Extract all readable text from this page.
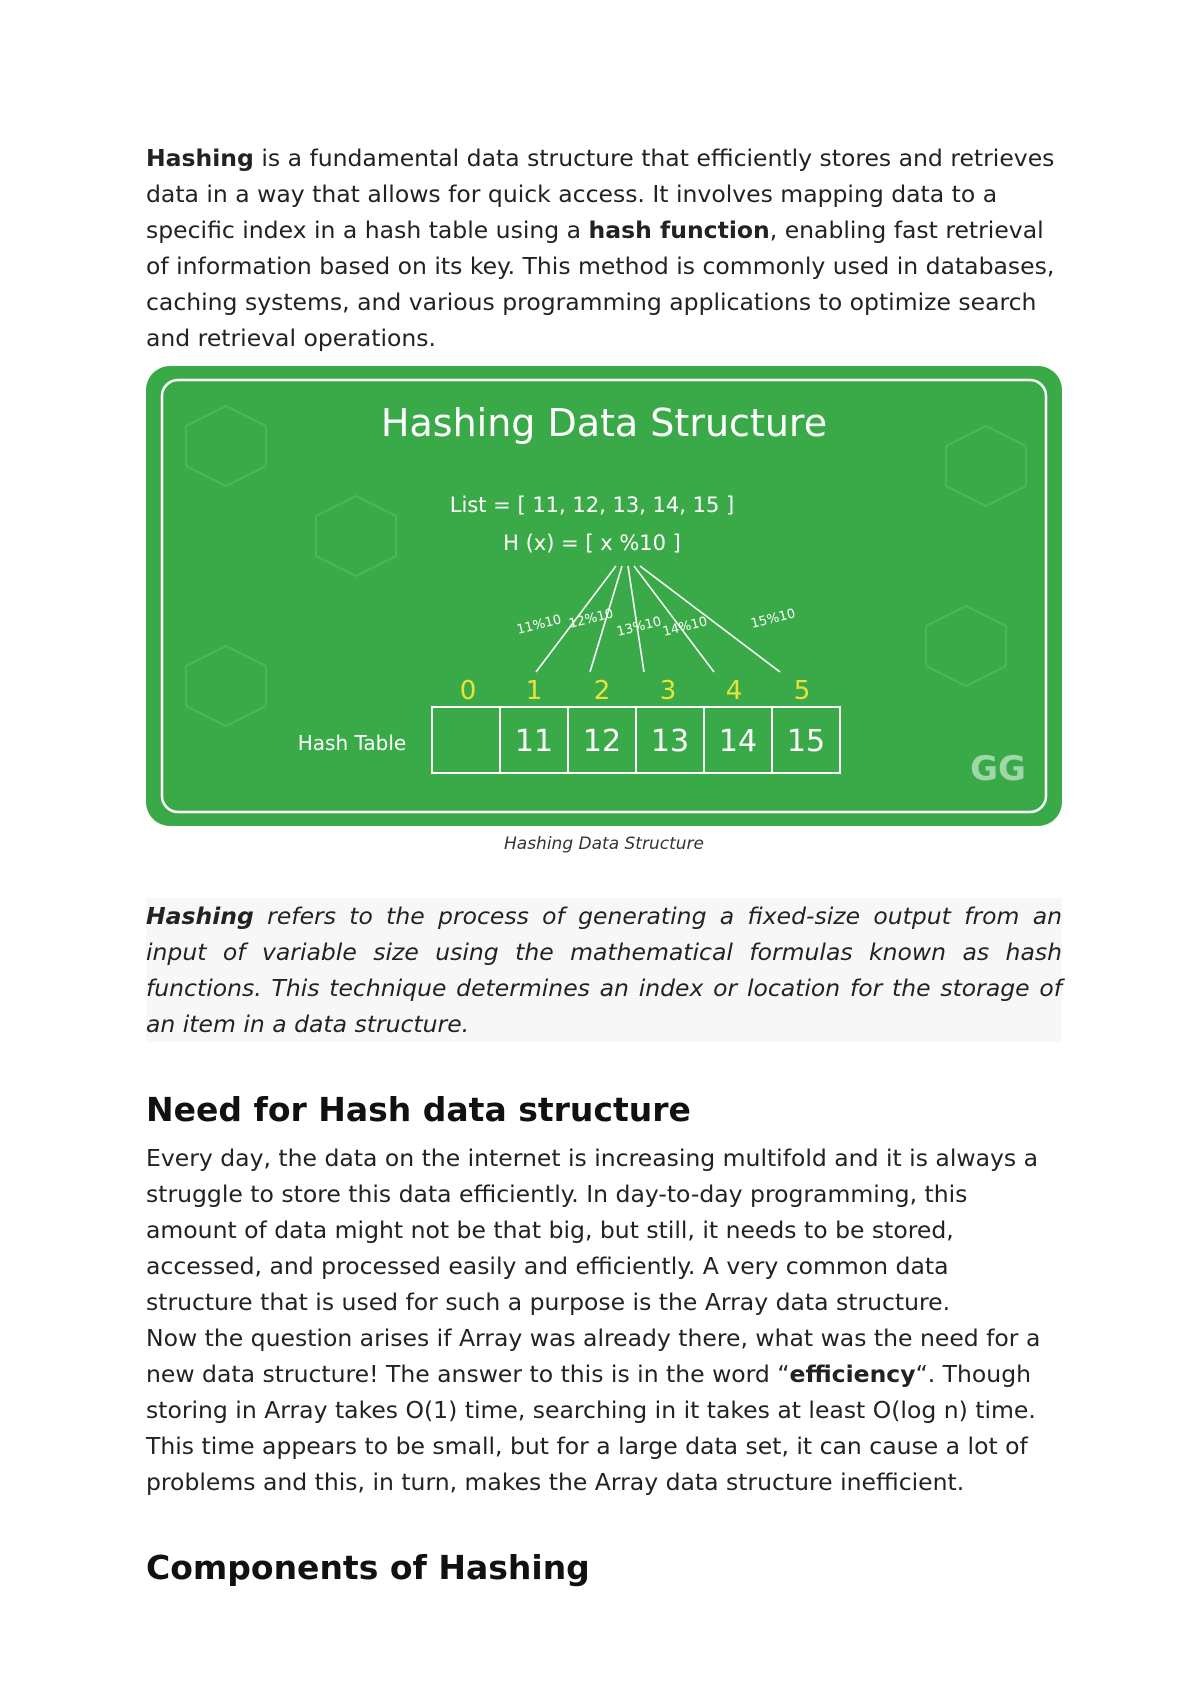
Hashing is a fundamental data structure that efficiently stores and retrieves data in a way that allows for quick access. It involves mapping data to a specific index in a hash table using a hash function, enabling fast retrieval of information based on its key. This method is commonly used in databases, caching systems, and various programming applications to optimize search and retrieval operations.

Hashing Data Structure
List = [ 11, 12, 13, 14, 15 ]
H (x) = [ x %10 ]
11%10 12%10 13%10
14%10	15%10
0 1 2 3 4 5
Hash Table	11 12 13 14 15
GG
Hashing Data Structure

Hashing refers to the process of generating a fixed-size output from an input of variable size using the mathematical formulas known as hash functions. This technique determines an index or location for the storage of an item in a data structure.

Need for Hash data structure

Every day, the data on the internet is increasing multifold and it is always a struggle to store this data efficiently. In day-to-day programming, this amount of data might not be that big, but still, it needs to be stored, accessed, and processed easily and efficiently. A very common data structure that is used for such a purpose is the Array data structure.

Now the question arises if Array was already there, what was the need for a new data structure! The answer to this is in the word “efficiency“. Though storing in Array takes O(1) time, searching in it takes at least O(log n) time. This time appears to be small, but for a large data set, it can cause a lot of problems and this, in turn, makes the Array data structure inefficient.

Components of Hashing
